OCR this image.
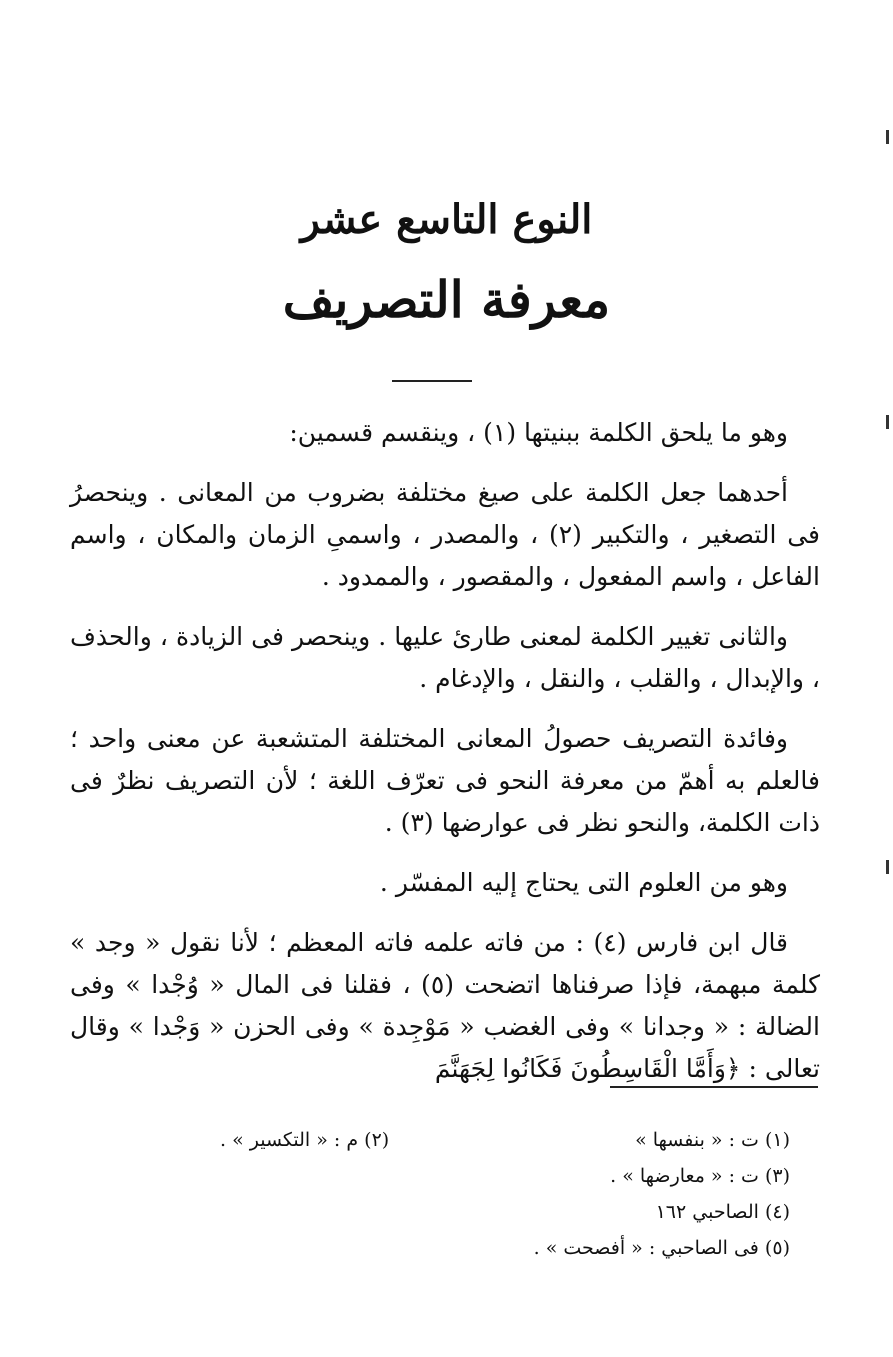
النوع التاسع عشر
معرفة التصريف

وهو ما يلحق الكلمة ببنيتها (١) ، وينقسم قسمين:

أحدهما جعل الكلمة على صيغ مختلفة بضروب من المعانى . وينحصرُ فى التصغير ، والتكبير (٢) ، والمصدر ، واسمىِ الزمان والمكان ، واسم الفاعل ، واسم المفعول ، والمقصور ، والممدود .

والثانى تغيير الكلمة لمعنى طارئ عليها . وينحصر فى الزيادة ، والحذف ، والإبدال ، والقلب ، والنقل ، والإدغام .

وفائدة التصريف حصولُ المعانى المختلفة المتشعبة عن معنى واحد ؛ فالعلم به أهمّ من معرفة النحو فى تعرّف اللغة ؛ لأن التصريف نظرٌ فى ذات الكلمة، والنحو نظر فى عوارضها (٣) .

وهو من العلوم التى يحتاج إليه المفسّر .

قال ابن فارس (٤) : من فاته علمه فاته المعظم ؛ لأنا نقول « وجد » كلمة مبهمة، فإذا صرفناها اتضحت (٥) ، فقلنا فى المال « وُجْدا » وفى الضالة : « وجدانا » وفى الغضب « مَوْجِدة » وفى الحزن « وَجْدا » وقال تعالى : ﴿وَأَمَّا الْقَاسِطُونَ فَكَانُوا لِجَهَنَّمَ

(١) ت : « بنفسها »
(٢) م : « التكسير » .
(٣) ت : « معارضها » .
(٤) الصاحبي ١٦٢
(٥) فى الصاحبي : « أفصحت » .
